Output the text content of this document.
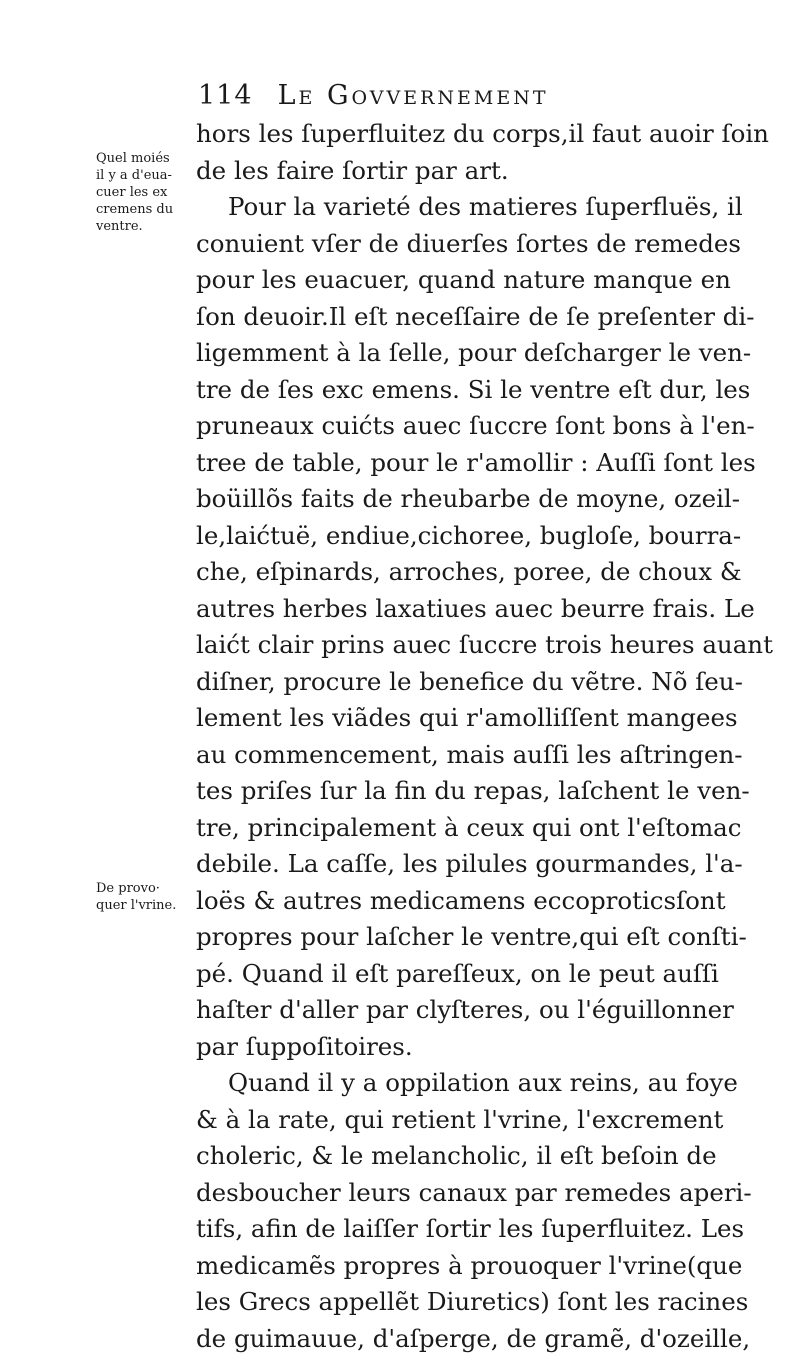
114 Le Govvernement
Quel moiés
il y a d'eua-
cuer les ex
cremens du
ventre.
De provo·
quer l'vrine.
hors les ſuperfluitez du corps,il faut auoir ſoin
de les faire ſortir par art.
Pour la varieté des matieres ſuperfluës, il
conuient vſer de diuerſes ſortes de remedes
pour les euacuer, quand nature manque en
ſon deuoir.Il eſt neceſſaire de ſe preſenter di-
ligemment à la ſelle, pour deſcharger le ven-
tre de ſes exc emens. Si le ventre eſt dur, les
pruneaux cuićts auec ſuccre ſont bons à l'en-
tree de table, pour le r'amollir : Auſſi ſont les
boüillõs faits de rheubarbe de moyne, ozeil-
le,laićtuë, endiue,cichoree, bugloſe, bourra-
che, eſpinards, arroches, poree, de choux &
autres herbes laxatiues auec beurre frais. Le
laićt clair prins auec ſuccre trois heures auant
diſner, procure le benefice du vẽtre. Nõ ſeu-
lement les viãdes qui r'amolliſſent mangees
au commencement, mais auſſi les aſtringen-
tes priſes ſur la fin du repas, laſchent le ven-
tre, principalement à ceux qui ont l'eſtomac
debile. La caſſe, les pilules gourmandes, l'a-
loës & autres medicamens eccoproticsſont
propres pour laſcher le ventre,qui eſt conſti-
pé. Quand il eſt pareſſeux, on le peut auſſi
haſter d'aller par clyſteres, ou l'éguillonner
par ſuppoſitoires.
Quand il y a oppilation aux reins, au foye
& à la rate, qui retient l'vrine, l'excrement
choleric, & le melancholic, il eſt beſoin de
desboucher leurs canaux par remedes aperi-
tifs, afin de laiſſer ſortir les ſuperfluitez. Les
medicamẽs propres à prouoquer l'vrine(que
les Grecs appellẽt Diuretics) ſont les racines
de guimauue, d'aſperge, de gramẽ, d'ozeille,
